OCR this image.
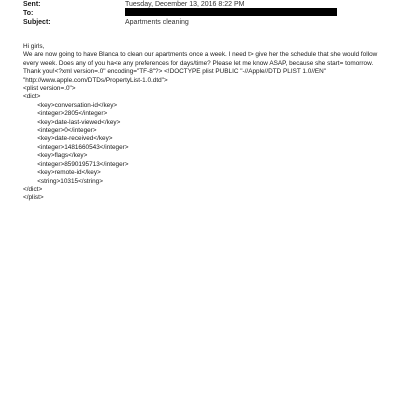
Sent:	Tuesday, December 13, 2016 8:22 PM
To:
Subject:	Apartments cleaning

Hi girls,

We are now going to have Blanca to clean our apartments once a week. I need t> give her the schedule that she would follow every week. Does any of you ha<e any preferences for days/time? Please let me know ASAP, because she start= tomorrow.

Thank you!<?xml version=.0" encoding="TF-8"?> <!DOCTYPE plist PUBLIC "-//Apple//DTD PLIST 1.0//EN" "http://www.apple.com/DTDs/PropertyList-1.0.dtd">

<plist version=.0">

<dict>

<key>conversation-id</key>

<integer>2805</integer>

<key>date-last-viewed</key>

<integer>0</integer>

<key>date-received</key>

<integer>1481660543</integer>

<key>flags</key>

<integer>8590195713</integer>

<key>remote-id</key>

<string>10315</string>

</dict>

</plist>
